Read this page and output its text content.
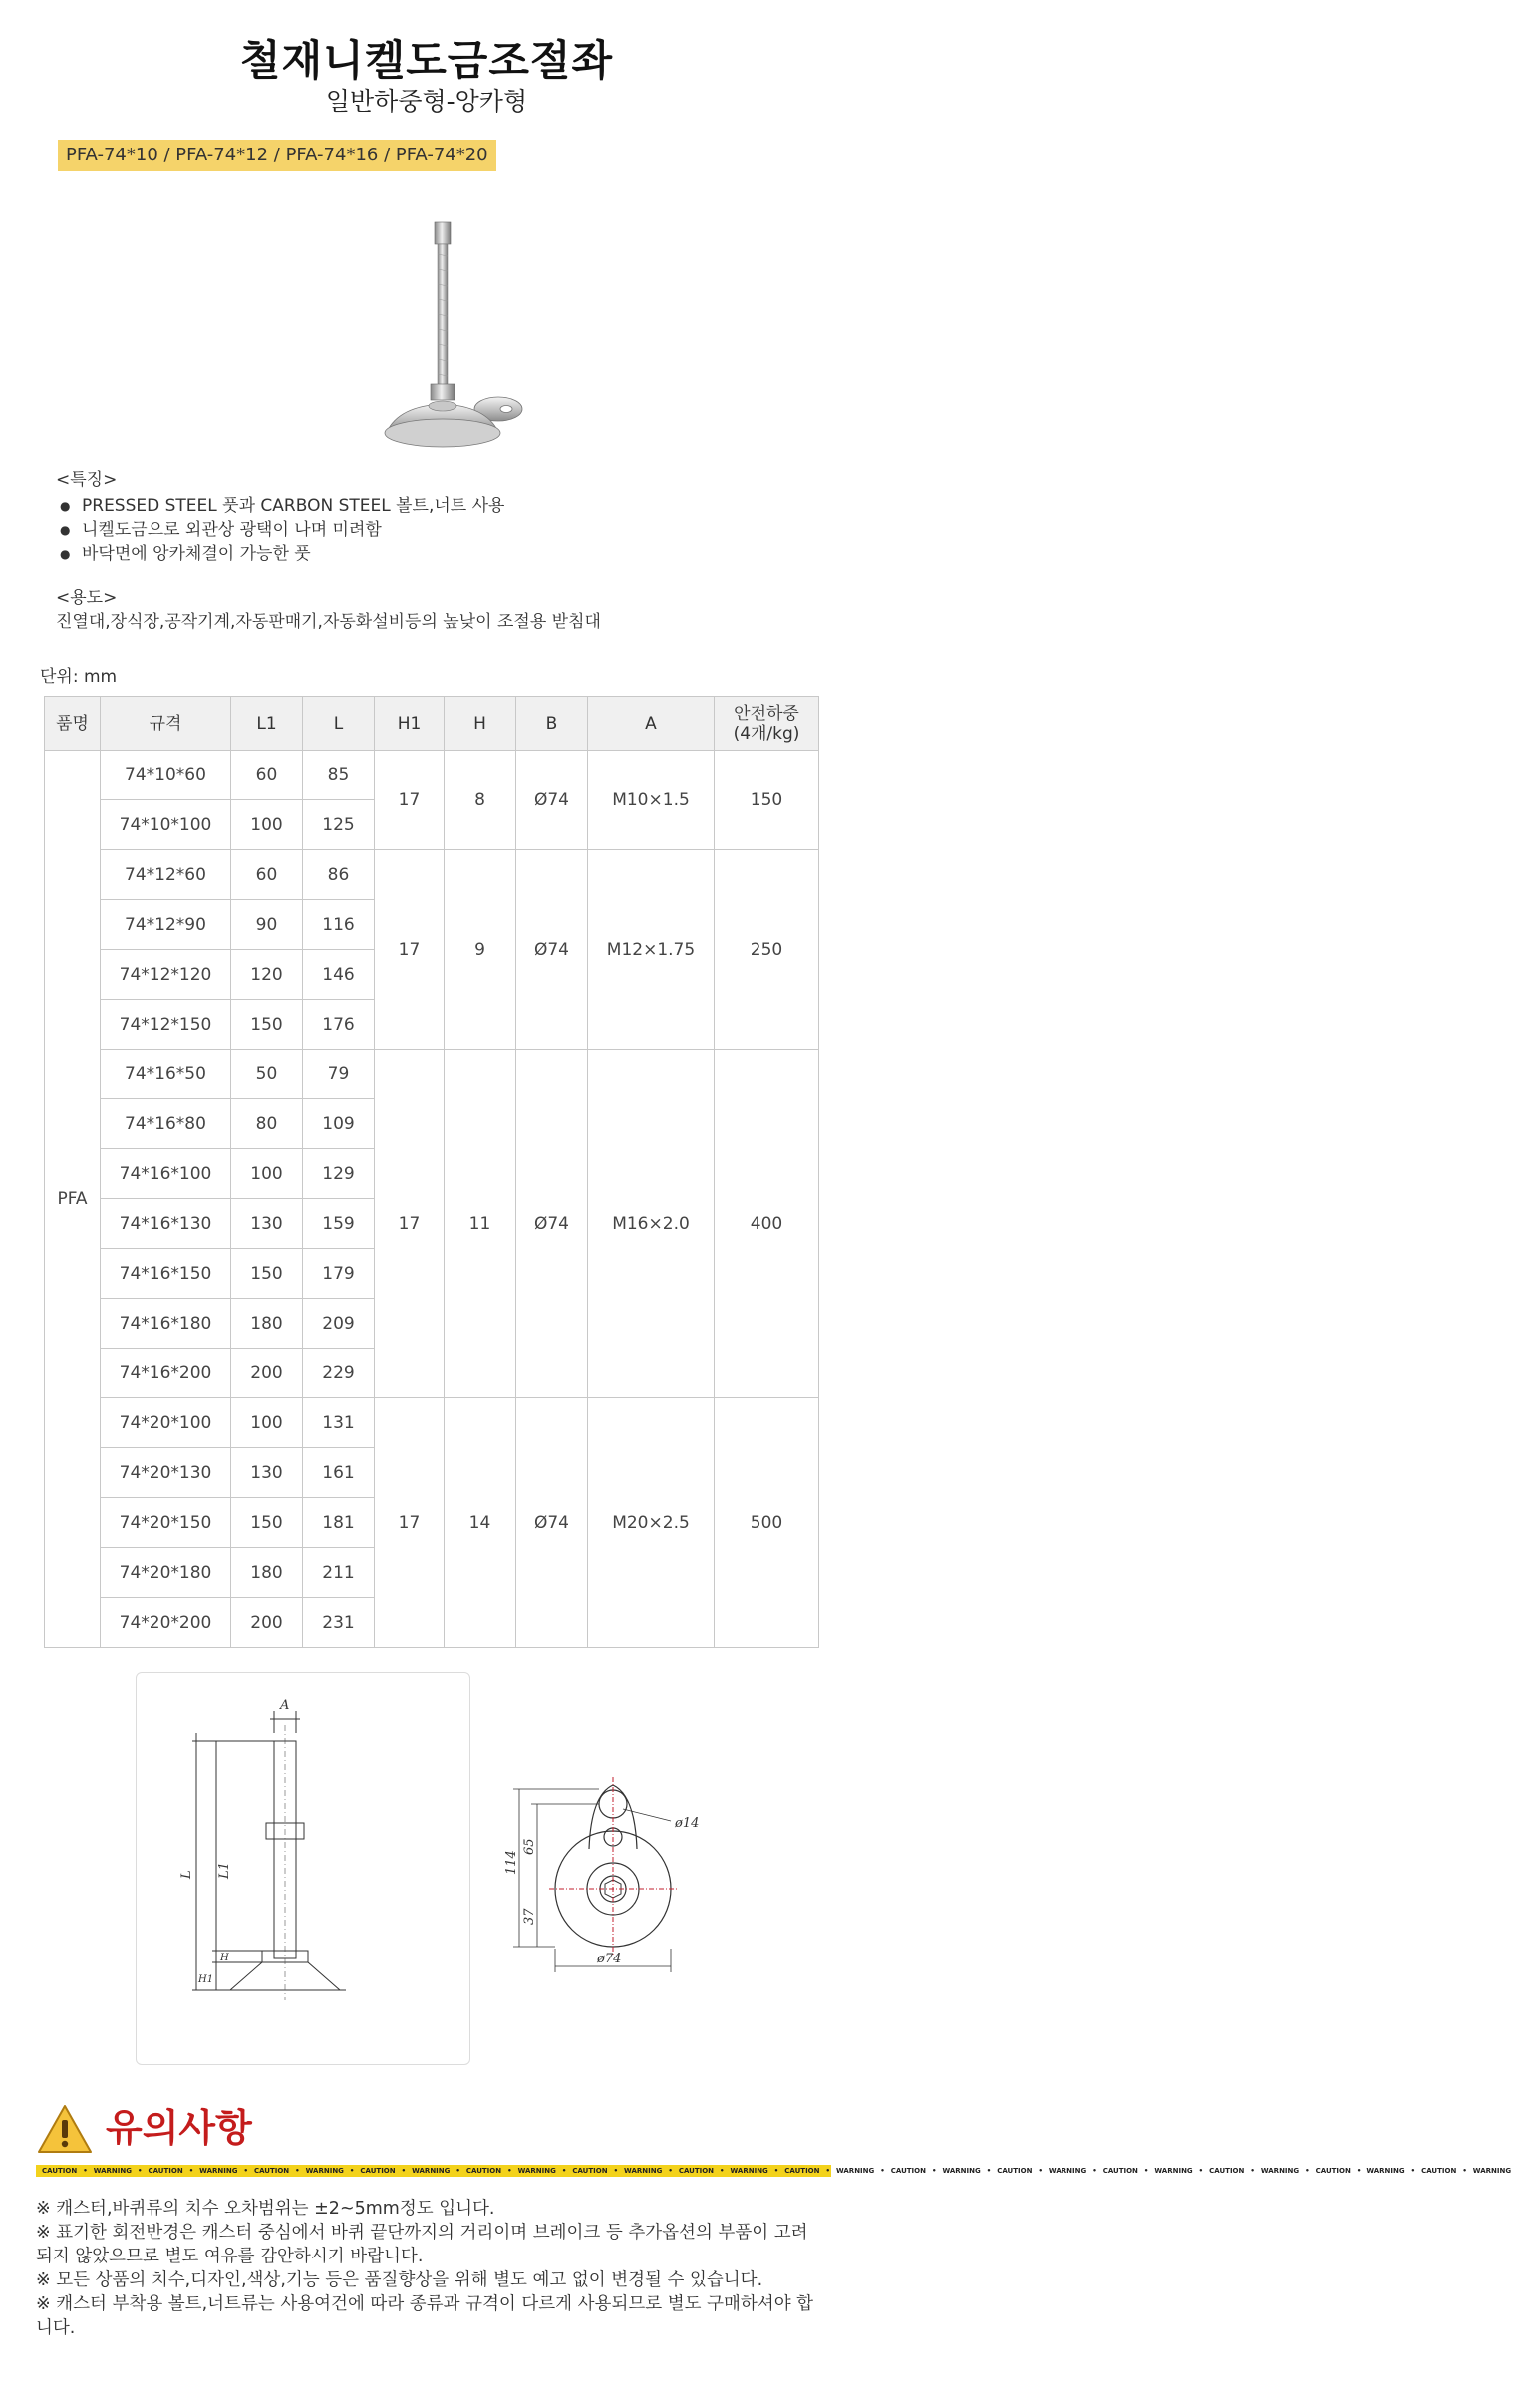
철재니켈도금조절좌
일반하중형-앙카형
PFA-74*10 / PFA-74*12 / PFA-74*16 / PFA-74*20
<특징>
● PRESSED STEEL 풋과 CARBON STEEL 볼트,너트 사용
● 니켈도금으로 외관상 광택이 나며 미려함
● 바닥면에 앙카체결이 가능한 풋
<용도>
진열대,장식장,공작기계,자동판매기,자동화설비등의 높낮이 조절용 받침대
단위: mm
품명	규격	L1	L	H1	H	B	A	안전하중
(4개/kg)
PFA	74*10*60	60	85	17	8	Ø74	M10×1.5	150
	74*10*100	100	125					
	74*12*60	60	86	17	9	Ø74	M12×1.75	250
	74*12*90	90	116					
	74*12*120	120	146					
	74*12*150	150	176					
	74*16*50	50	79	17	11	Ø74	M16×2.0	400
	74*16*80	80	109					
	74*16*100	100	129					
	74*16*130	130	159					
	74*16*150	150	179					
	74*16*180	180	209					
	74*16*200	200	229					
	74*20*100	100	131	17	14	Ø74	M20×2.5	500
	74*20*130	130	161					
	74*20*150	150	181					
	74*20*180	180	211					
	74*20*200	200	231					
A
L1
L
H
H1
ø14
114
65
37
ø74
유의사항
CAUTION • WARNING • CAUTION • WARNING • CAUTION • WARNING • CAUTION • WARNING • CAUTION • WARNING • CAUTION • WARNING • CAUTION • WARNING • CAUTION • WARNING • CAUTION • WARNING • CAUTION • WARNING • CAUTION • WARNING • CAUTION • WARNING • CAUTION • WARNING • CAUTION • WARNING

※ 캐스터,바퀴류의 치수 오차범위는 ±2~5mm정도 입니다.

※ 표기한 회전반경은 캐스터 중심에서 바퀴 끝단까지의 거리이며 브레이크 등 추가옵션의 부품이 고려되지 않았으므로 별도 여유를 감안하시기 바랍니다.

※ 모든 상품의 치수,디자인,색상,기능 등은 품질향상을 위해 별도 예고 없이 변경될 수 있습니다.

※ 캐스터 부착용 볼트,너트류는 사용여건에 따라 종류과 규격이 다르게 사용되므로 별도 구매하셔야 합니다.
